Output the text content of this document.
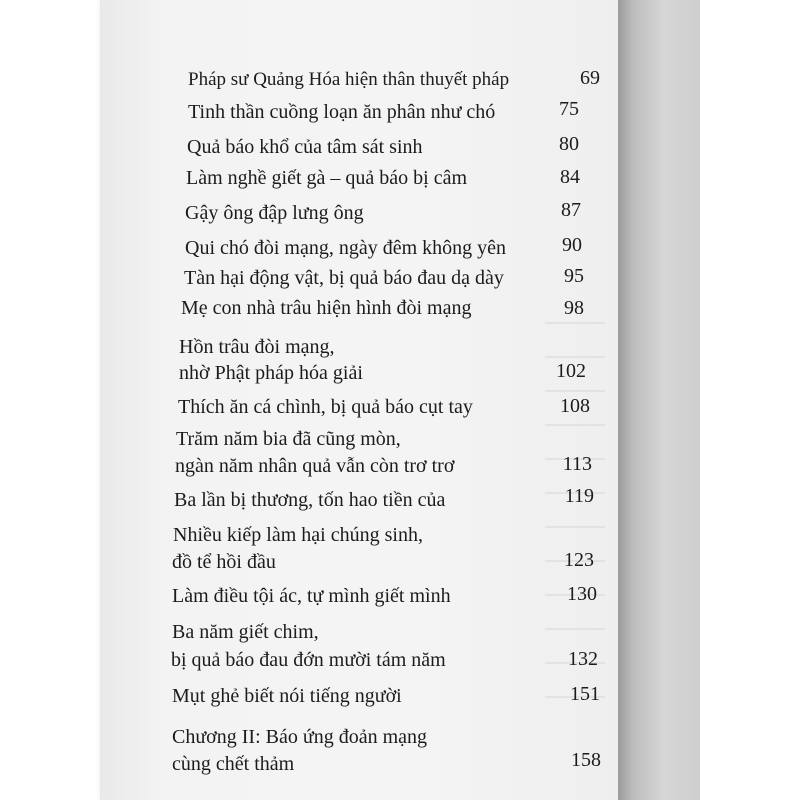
Pháp sư Quảng Hóa hiện thân thuyết pháp	69
Tinh thần cuồng loạn ăn phân như chó	75
Quả báo khổ của tâm sát sinh	80
Làm nghề giết gà – quả báo bị câm	84
Gậy ông đập lưng ông	87
Qui chó đòi mạng, ngày đêm không yên	90
Tàn hại động vật, bị quả báo đau dạ dày	95
Mẹ con nhà trâu hiện hình đòi mạng	98
Hồn trâu đòi mạng,
nhờ Phật pháp hóa giải	102
Thích ăn cá chình, bị quả báo cụt tay	108
Trăm năm bia đã cũng mòn,
ngàn năm nhân quả vẫn còn trơ trơ	113
Ba lần bị thương, tốn hao tiền của	119
Nhiều kiếp làm hại chúng sinh,
đồ tể hồi đầu	123
Làm điều tội ác, tự mình giết mình	130
Ba năm giết chim,
bị quả báo đau đớn mười tám năm	132
Mụt ghẻ biết nói tiếng người	151
Chương II: Báo ứng đoản mạng
cùng chết thảm	158
